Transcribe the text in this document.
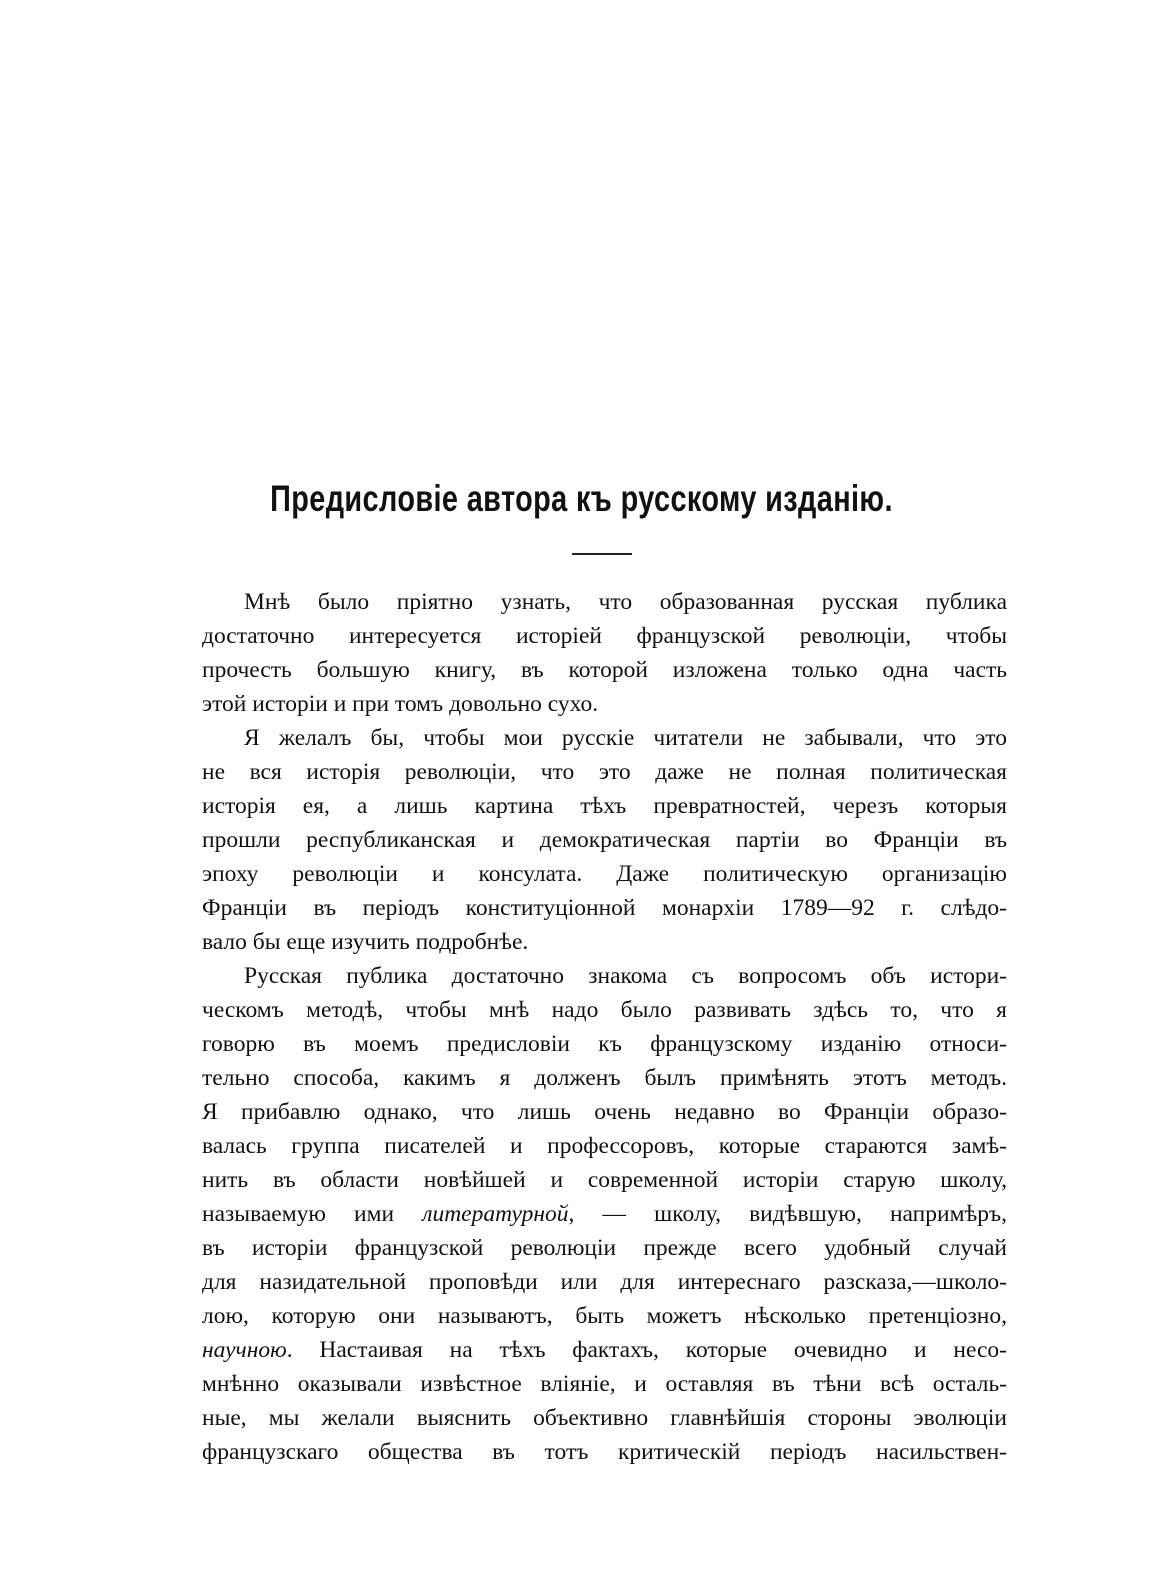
Предисловіе автора къ русскому изданію.
Мнѣ было пріятно узнать, что образованная русская публика
достаточно интересуется исторіей французской революціи, чтобы
прочесть большую книгу, въ которой изложена только одна часть
этой исторіи и при томъ довольно сухо.
Я желалъ бы, чтобы мои русскіе читатели не забывали, что это
не вся исторія революціи, что это даже не полная политическая
исторія ея, а лишь картина тѣхъ превратностей, черезъ которыя
прошли республиканская и демократическая партіи во Франціи въ
эпоху революціи и консулата. Даже политическую организацію
Франціи въ періодъ конституціонной монархіи 1789—92 г. слѣдо-
вало бы еще изучить подробнѣе.
Русская публика достаточно знакома съ вопросомъ объ истори-
ческомъ методѣ, чтобы мнѣ надо было развивать здѣсь то, что я
говорю въ моемъ предисловіи къ французскому изданію относи-
тельно способа, какимъ я долженъ былъ примѣнять этотъ методъ.
Я прибавлю однако, что лишь очень недавно во Франціи образо-
валась группа писателей и профессоровъ, которые стараются замѣ-
нить въ области новѣйшей и современной исторіи старую школу,
называемую ими литературной, — школу, видѣвшую, напримѣръ,
въ исторіи французской революціи прежде всего удобный случай
для назидательной проповѣди или для интереснаго разсказа,—школо-
лою, которую они называютъ, быть можетъ нѣсколько претенціозно,
научною. Настаивая на тѣхъ фактахъ, которые очевидно и несо-
мнѣнно оказывали извѣстное вліяніе, и оставляя въ тѣни всѣ осталь-
ные, мы желали выяснить объективно главнѣйшія стороны эволюціи
французскаго общества въ тотъ критическій періодъ насильствен-
